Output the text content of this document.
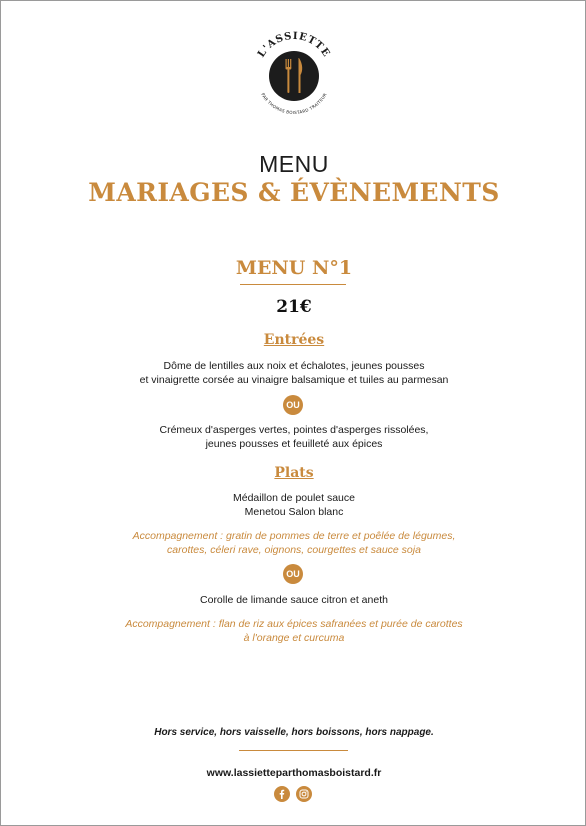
L'ASSIETTE
PAR THOMAS BOISTARD TRAITEUR
MENU
MARIAGES & ÉVÈNEMENTS
MENU N°1
21€
Entrées
Dôme de lentilles aux noix et échalotes, jeunes pousses
et vinaigrette corsée au vinaigre balsamique et tuiles au parmesan
OU
Crémeux d'asperges vertes, pointes d'asperges rissolées,
jeunes pousses et feuilleté aux épices
Plats
Médaillon de poulet sauce
Menetou Salon blanc
Accompagnement : gratin de pommes de terre et poêlée de légumes,
carottes, céleri rave, oignons, courgettes et sauce soja
OU
Corolle de limande sauce citron et aneth
Accompagnement : flan de riz aux épices safranées et purée de carottes
à l'orange et curcuma
Hors service, hors vaisselle, hors boissons, hors nappage.
www.lassietteparthomasboistard.fr
